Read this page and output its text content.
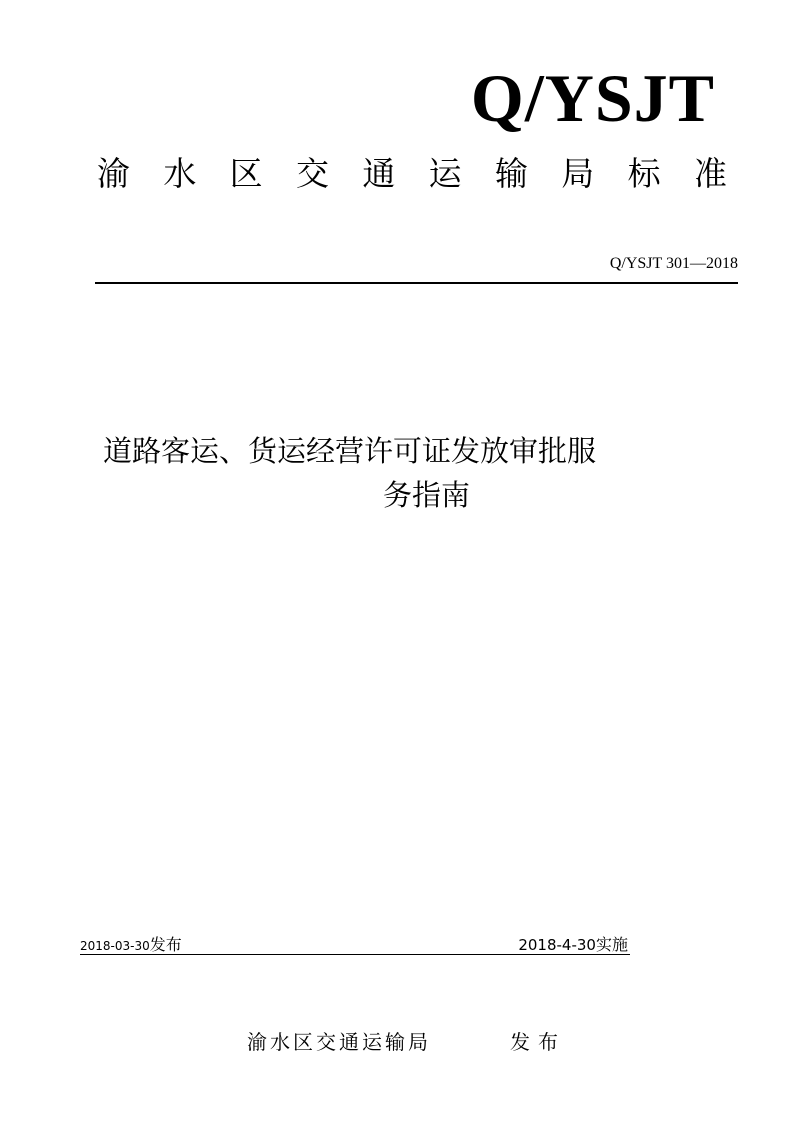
Q/YSJT
渝 水 区 交 通 运 输 局 标 准
Q/YSJT 301—2018
道路客运、货运经营许可证发放审批服
务指南
2018-03-30发布	2018-4-30实施
渝水区交通运输局	发布
